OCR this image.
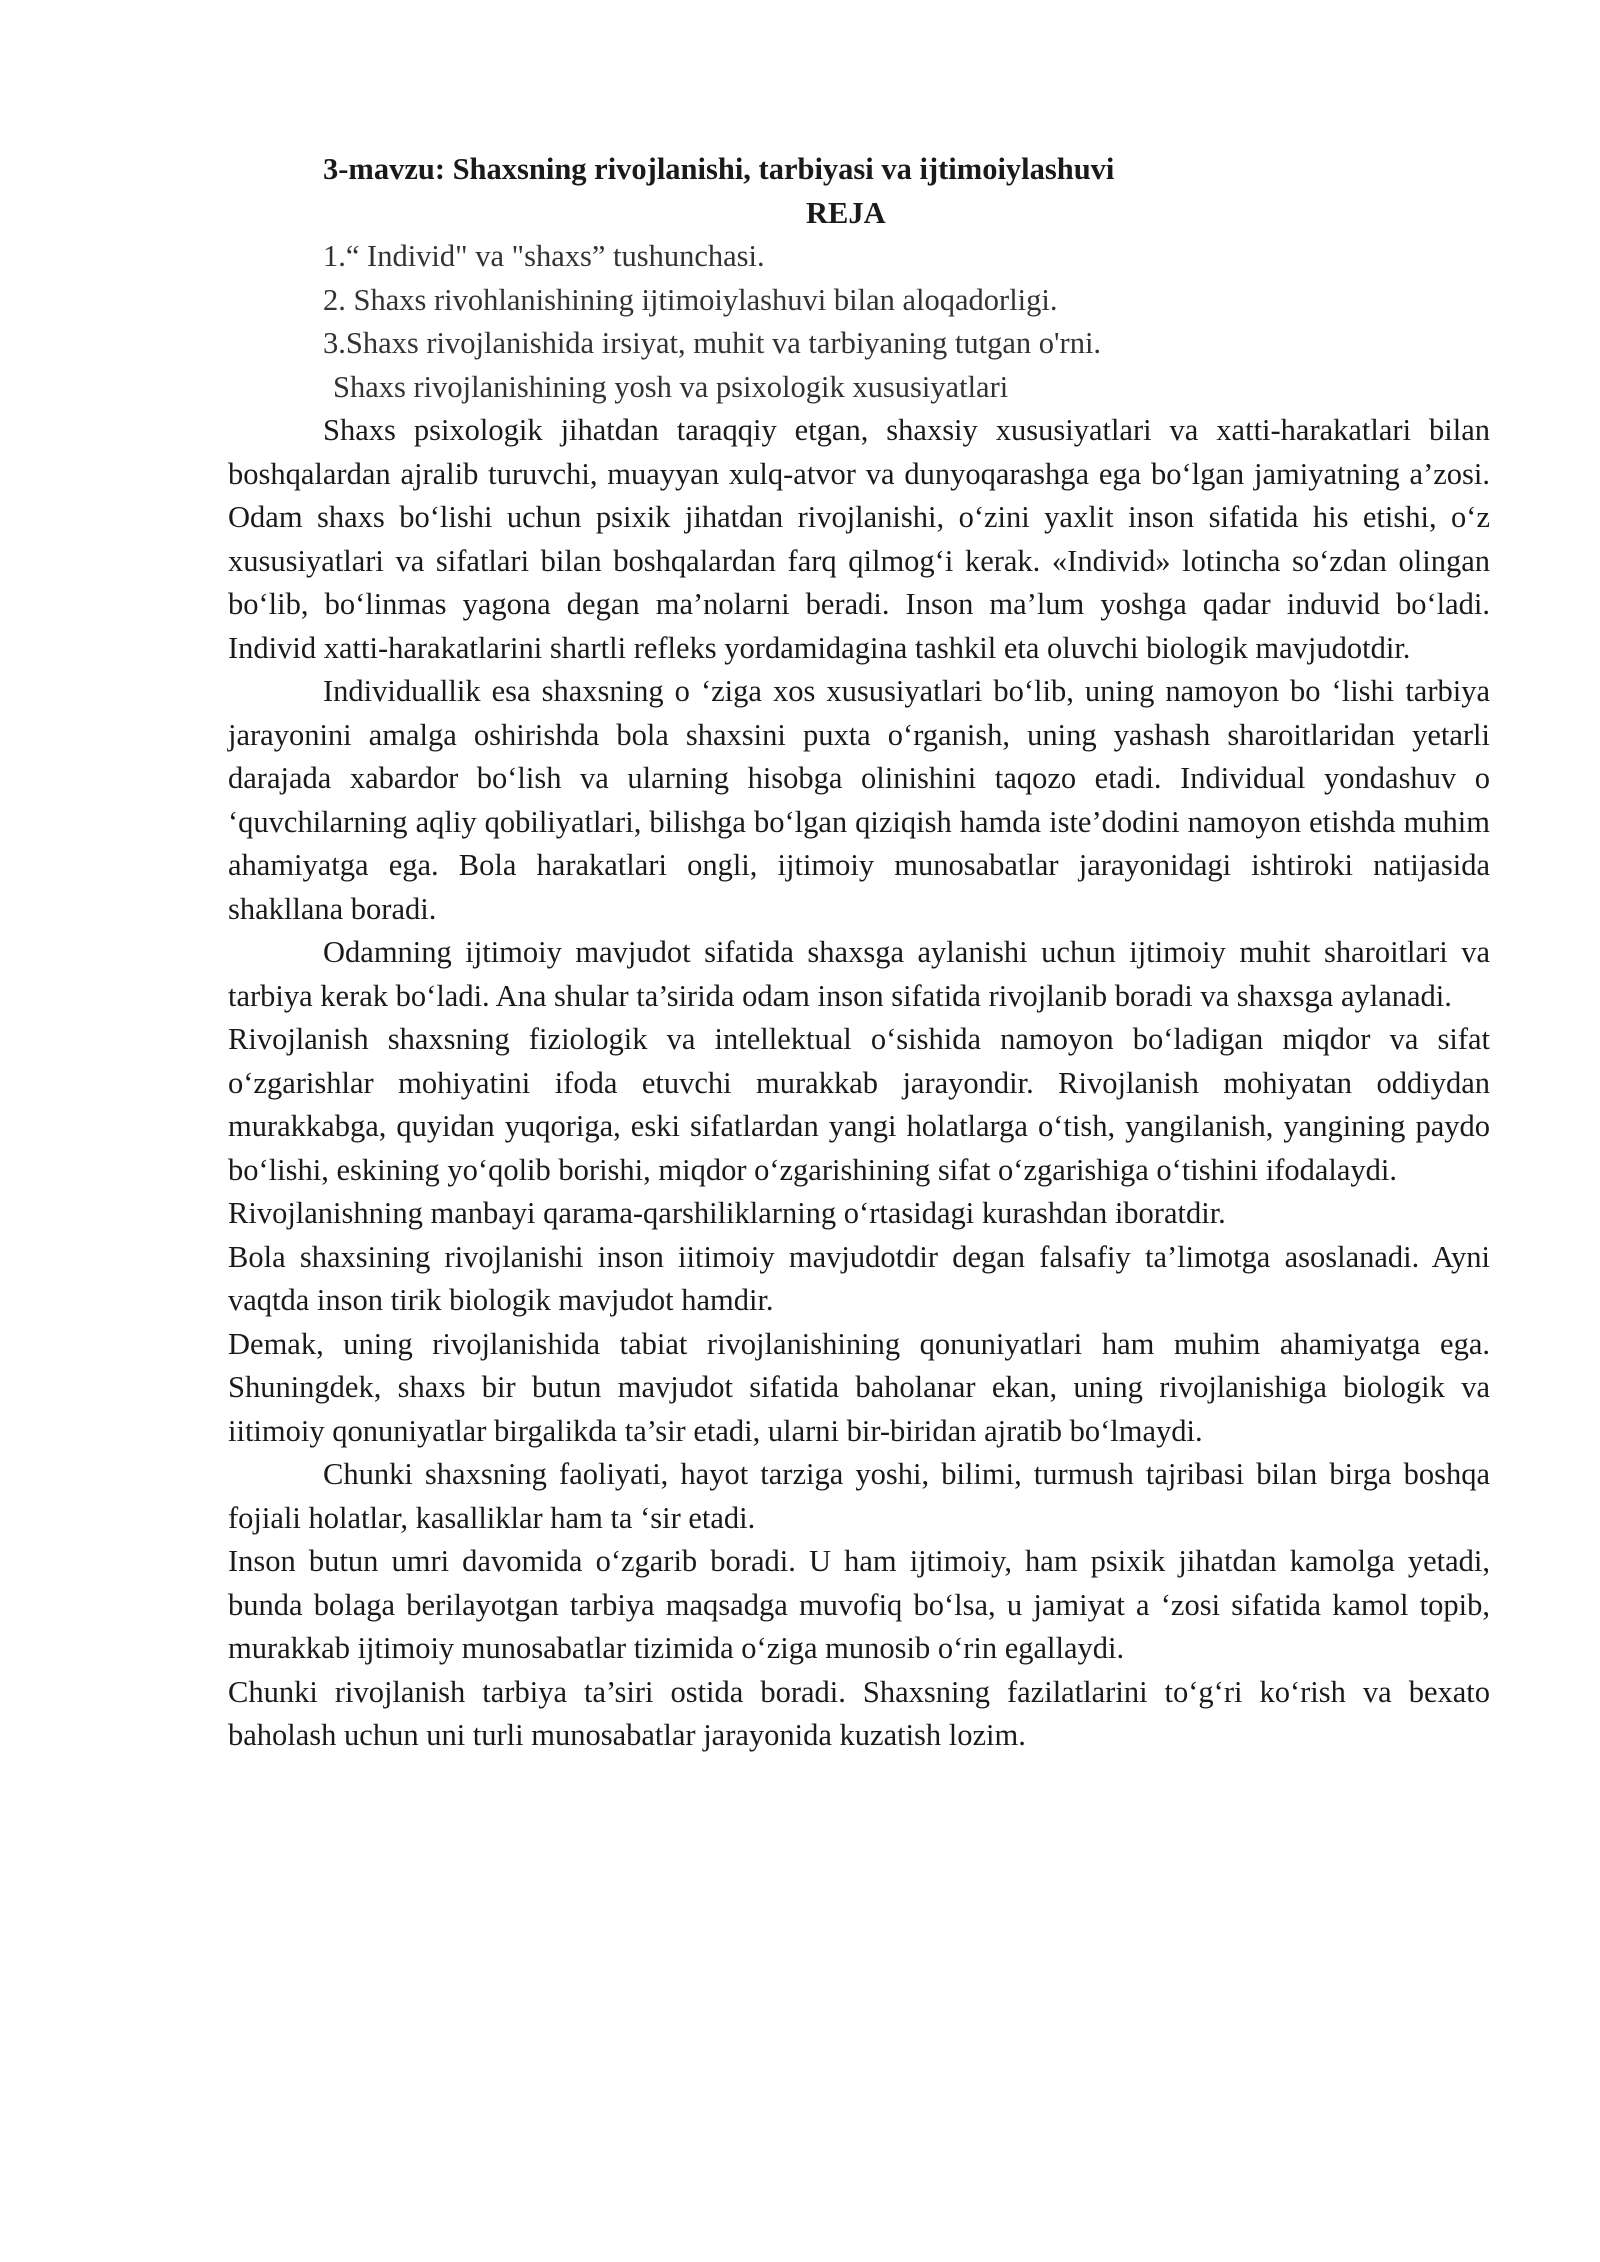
3-mavzu: Shaxsning rivojlanishi, tarbiyasi va ijtimoiylashuvi

REJA

1.“ Individ" va "shaxs” tushunchasi.

2. Shaxs rivohlanishining ijtimoiylashuvi bilan aloqadorligi.

3.Shaxs rivojlanishida irsiyat, muhit va tarbiyaning tutgan o'rni.

Shaxs rivojlanishining yosh va psixologik xususiyatlari

Shaxs psixologik jihatdan taraqqiy etgan, shaxsiy xususiyatlari va xatti-harakatlari bilan boshqalardan ajralib turuvchi, muayyan xulq-atvor va dunyoqarashga ega boʻlgan jamiyatning a’zosi. Odam shaxs boʻlishi uchun psixik jihatdan rivojlanishi, oʻzini yaxlit inson sifatida his etishi, oʻz xususiyatlari va sifatlari bilan boshqalardan farq qilmogʻi kerak. «Individ» lotincha soʻzdan olingan boʻlib, boʻlinmas yagona degan ma’nolarni beradi. Inson ma’lum yoshga qadar induvid boʻladi. Individ xatti-harakatlarini shartli refleks yordamidagina tashkil eta oluvchi biologik mavjudotdir.

Individuallik esa shaxsning o ‘ziga xos xususiyatlari boʻlib, uning namoyon bo ‘lishi tarbiya jarayonini amalga oshirishda bola shaxsini puxta oʻrganish, uning yashash sharoitlaridan yetarli darajada xabardor boʻlish va ularning hisobga olinishini taqozo etadi. Individual yondashuv o ‘quvchilarning aqliy qobiliyatlari, bilishga boʻlgan qiziqish hamda iste’dodini namoyon etishda muhim ahamiyatga ega. Bola harakatlari ongli, ijtimoiy munosabatlar jarayonidagi ishtiroki natijasida shakllana boradi.

Odamning ijtimoiy mavjudot sifatida shaxsga aylanishi uchun ijtimoiy muhit sharoitlari va tarbiya kerak boʻladi. Ana shular ta’sirida odam inson sifatida rivojlanib boradi va shaxsga aylanadi.

Rivojlanish shaxsning fiziologik va intellektual oʻsishida namoyon boʻladigan miqdor va sifat oʻzgarishlar mohiyatini ifoda etuvchi murakkab jarayondir. Rivojlanish mohiyatan oddiydan murakkabga, quyidan yuqoriga, eski sifatlardan yangi holatlarga oʻtish, yangilanish, yangining paydo boʻlishi, eskining yoʻqolib borishi, miqdor oʻzgarishining sifat oʻzgarishiga oʻtishini ifodalaydi.

Rivojlanishning manbayi qarama-qarshiliklarning oʻrtasidagi kurashdan iboratdir.

Bola shaxsining rivojlanishi inson iitimoiy mavjudotdir degan falsafiy ta’limotga asoslanadi. Ayni vaqtda inson tirik biologik mavjudot hamdir.

Demak, uning rivojlanishida tabiat rivojlanishining qonuniyatlari ham muhim ahamiyatga ega. Shuningdek, shaxs bir butun mavjudot sifatida baholanar ekan, uning rivojlanishiga biologik va iitimoiy qonuniyatlar birgalikda ta’sir etadi, ularni bir-biridan ajratib boʻlmaydi.

Chunki shaxsning faoliyati, hayot tarziga yoshi, bilimi, turmush tajribasi bilan birga boshqa fojiali holatlar, kasalliklar ham ta ‘sir etadi.

Inson butun umri davomida oʻzgarib boradi. U ham ijtimoiy, ham psixik jihatdan kamolga yetadi, bunda bolaga berilayotgan tarbiya maqsadga muvofiq boʻlsa, u jamiyat a ‘zosi sifatida kamol topib, murakkab ijtimoiy munosabatlar tizimida oʻziga munosib oʻrin egallaydi.

Chunki rivojlanish tarbiya ta’siri ostida boradi. Shaxsning fazilatlarini toʻgʻri koʻrish va bexato baholash uchun uni turli munosabatlar jarayonida kuzatish lozim.
